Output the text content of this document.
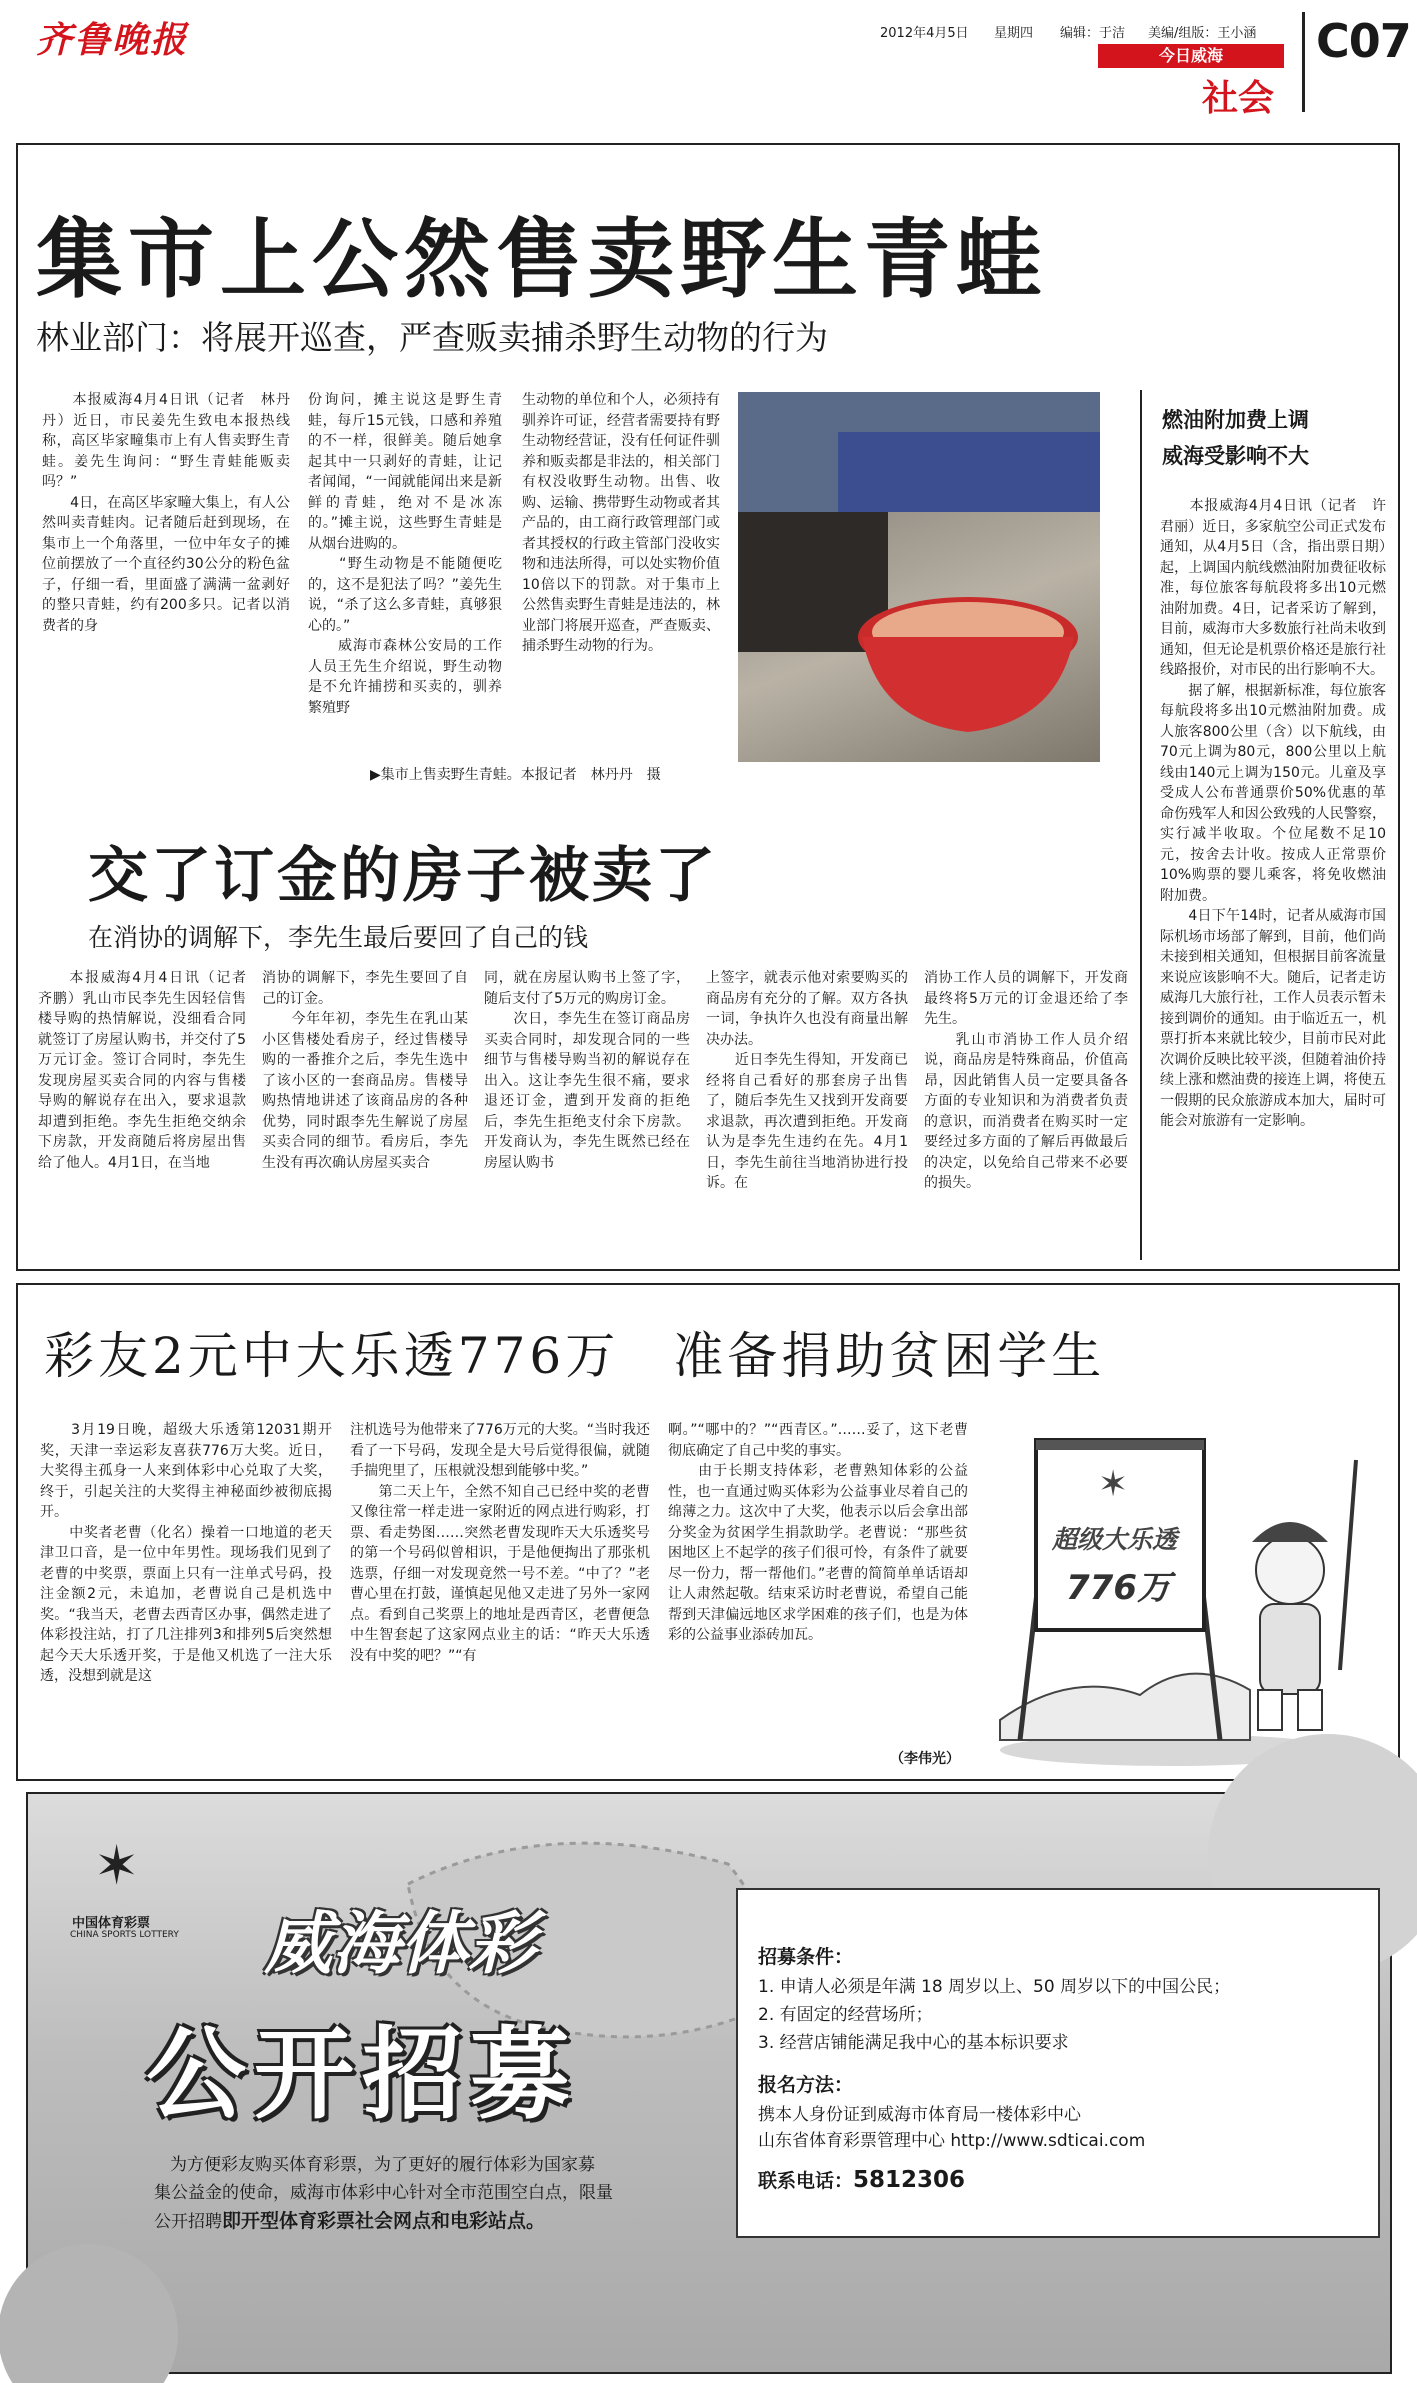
齐鲁晚报	2012年4月5日 星期四 编辑：于洁 美编/组版：王小涵
今日威海
社会
C07
集市上公然售卖野生青蛙
林业部门：将展开巡查，严查贩卖捕杀野生动物的行为

　　本报威海4月4日讯（记者　林丹丹）近日，市民姜先生致电本报热线称，高区毕家疃集市上有人售卖野生青蛙。姜先生询问：“野生青蛙能贩卖吗？”
　　4日，在高区毕家疃大集上，有人公然叫卖青蛙肉。记者随后赶到现场，在集市上一个角落里，一位中年女子的摊位前摆放了一个直径约30公分的粉色盆子，仔细一看，里面盛了满满一盆剥好的整只青蛙，约有200多只。记者以消费者的身

份询问，摊主说这是野生青蛙，每斤15元钱，口感和养殖的不一样，很鲜美。随后她拿起其中一只剥好的青蛙，让记者闻闻，“一闻就能闻出来是新鲜的青蛙，绝对不是冰冻的。”摊主说，这些野生青蛙是从烟台进购的。
　　“野生动物是不能随便吃的，这不是犯法了吗？”姜先生说，“杀了这么多青蛙，真够狠心的。”
　　威海市森林公安局的工作人员王先生介绍说，野生动物是不允许捕捞和买卖的，驯养繁殖野

生动物的单位和个人，必须持有驯养许可证，经营者需要持有野生动物经营证，没有任何证件驯养和贩卖都是非法的，相关部门有权没收野生动物。出售、收购、运输、携带野生动物或者其产品的，由工商行政管理部门或者其授权的行政主管部门没收实物和违法所得，可以处实物价值10倍以下的罚款。对于集市上公然售卖野生青蛙是违法的，林业部门将展开巡查，严查贩卖、捕杀野生动物的行为。

▶集市上售卖野生青蛙。本报记者　林丹丹　摄
燃油附加费上调
威海受影响不大

　　本报威海4月4日讯（记者　许君丽）近日，多家航空公司正式发布通知，从4月5日（含，指出票日期）起，上调国内航线燃油附加费征收标准，每位旅客每航段将多出10元燃油附加费。4日，记者采访了解到，目前，威海市大多数旅行社尚未收到通知，但无论是机票价格还是旅行社线路报价，对市民的出行影响不大。
　　据了解，根据新标准，每位旅客每航段将多出10元燃油附加费。成人旅客800公里（含）以下航线，由70元上调为80元，800公里以上航线由140元上调为150元。儿童及享受成人公布普通票价50%优惠的革命伤残军人和因公致残的人民警察，实行减半收取。个位尾数不足10元，按舍去计收。按成人正常票价10%购票的婴儿乘客，将免收燃油附加费。
　　4日下午14时，记者从威海市国际机场市场部了解到，目前，他们尚未接到相关通知，但根据目前客流量来说应该影响不大。随后，记者走访威海几大旅行社，工作人员表示暂未接到调价的通知。由于临近五一，机票打折本来就比较少，目前市民对此次调价反映比较平淡，但随着油价持续上涨和燃油费的接连上调，将使五一假期的民众旅游成本加大，届时可能会对旅游有一定影响。

交了订金的房子被卖了
在消协的调解下，李先生最后要回了自己的钱

　　本报威海4月4日讯（记者　齐鹏）乳山市民李先生因轻信售楼导购的热情解说，没细看合同就签订了房屋认购书，并交付了5万元订金。签订合同时，李先生发现房屋买卖合同的内容与售楼导购的解说存在出入，要求退款却遭到拒绝。李先生拒绝交纳余下房款，开发商随后将房屋出售给了他人。4月1日，在当地

消协的调解下，李先生要回了自己的订金。
　　今年年初，李先生在乳山某小区售楼处看房子，经过售楼导购的一番推介之后，李先生选中了该小区的一套商品房。售楼导购热情地讲述了该商品房的各种优势，同时跟李先生解说了房屋买卖合同的细节。看房后，李先生没有再次确认房屋买卖合

同，就在房屋认购书上签了字，随后支付了5万元的购房订金。
　　次日，李先生在签订商品房买卖合同时，却发现合同的一些细节与售楼导购当初的解说存在出入。这让李先生很不痛，要求退还订金，遭到开发商的拒绝后，李先生拒绝支付余下房款。开发商认为，李先生既然已经在房屋认购书

上签字，就表示他对索要购买的商品房有充分的了解。双方各执一词，争执许久也没有商量出解决办法。
　　近日李先生得知，开发商已经将自己看好的那套房子出售了，随后李先生又找到开发商要求退款，再次遭到拒绝。开发商认为是李先生违约在先。4月1日，李先生前往当地消协进行投诉。在

消协工作人员的调解下，开发商最终将5万元的订金退还给了李先生。
　　乳山市消协工作人员介绍说，商品房是特殊商品，价值高昂，因此销售人员一定要具备各方面的专业知识和为消费者负责的意识，而消费者在购买时一定要经过多方面的了解后再做最后的决定，以免给自己带来不必要的损失。

彩友2元中大乐透776万　准备捐助贫困学生

　　3月19日晚，超级大乐透第12031期开奖，天津一幸运彩友喜获776万大奖。近日，大奖得主孤身一人来到体彩中心兑取了大奖，终于，引起关注的大奖得主神秘面纱被彻底揭开。
　　中奖者老曹（化名）操着一口地道的老天津卫口音，是一位中年男性。现场我们见到了老曹的中奖票，票面上只有一注单式号码，投注金额2元，未追加，老曹说自己是机选中奖。“我当天，老曹去西青区办事，偶然走进了体彩投注站，打了几注排列3和排列5后突然想起今天大乐透开奖，于是他又机选了一注大乐透，没想到就是这

注机选号为他带来了776万元的大奖。“当时我还看了一下号码，发现全是大号后觉得很偏，就随手揣兜里了，压根就没想到能够中奖。”
　　第二天上午，全然不知自己已经中奖的老曹又像往常一样走进一家附近的网点进行购彩，打票、看走势图……突然老曹发现昨天大乐透奖号的第一个号码似曾相识，于是他便掏出了那张机选票，仔细一对发现竟然一号不差。“中了？”老曹心里在打鼓，谨慎起见他又走进了另外一家网点。看到自己奖票上的地址是西青区，老曹便急中生智套起了这家网点业主的话：“昨天大乐透没有中奖的吧？”“有

啊。”“哪中的？”“西青区。”……妥了，这下老曹彻底确定了自己中奖的事实。
　　由于长期支持体彩，老曹熟知体彩的公益性，也一直通过购买体彩为公益事业尽着自己的绵薄之力。这次中了大奖，他表示以后会拿出部分奖金为贫困学生捐款助学。老曹说：“那些贫困地区上不起学的孩子们很可怜，有条件了就要尽一份力，帮一帮他们。”老曹的简简单单话语却让人肃然起敬。结束采访时老曹说，希望自己能帮到天津偏远地区求学困难的孩子们，也是为体彩的公益事业添砖加瓦。

（李伟光）
✶
超级大乐透
776万
✶
中国体育彩票
CHINA SPORTS LOTTERY 威海体彩
公开招募
为方便彩友购买体育彩票，为了更好的履行体彩为国家募
集公益金的使命，威海市体彩中心针对全市范围空白点，限量
公开招聘即开型体育彩票社会网点和电彩站点。
招募条件：
1. 申请人必须是年满 18 周岁以上、50 周岁以下的中国公民；
2. 有固定的经营场所；
3. 经营店铺能满足我中心的基本标识要求
报名方法：
携本人身份证到威海市体育局一楼体彩中心
山东省体育彩票管理中心 http://www.sdticai.com
联系电话：5812306
